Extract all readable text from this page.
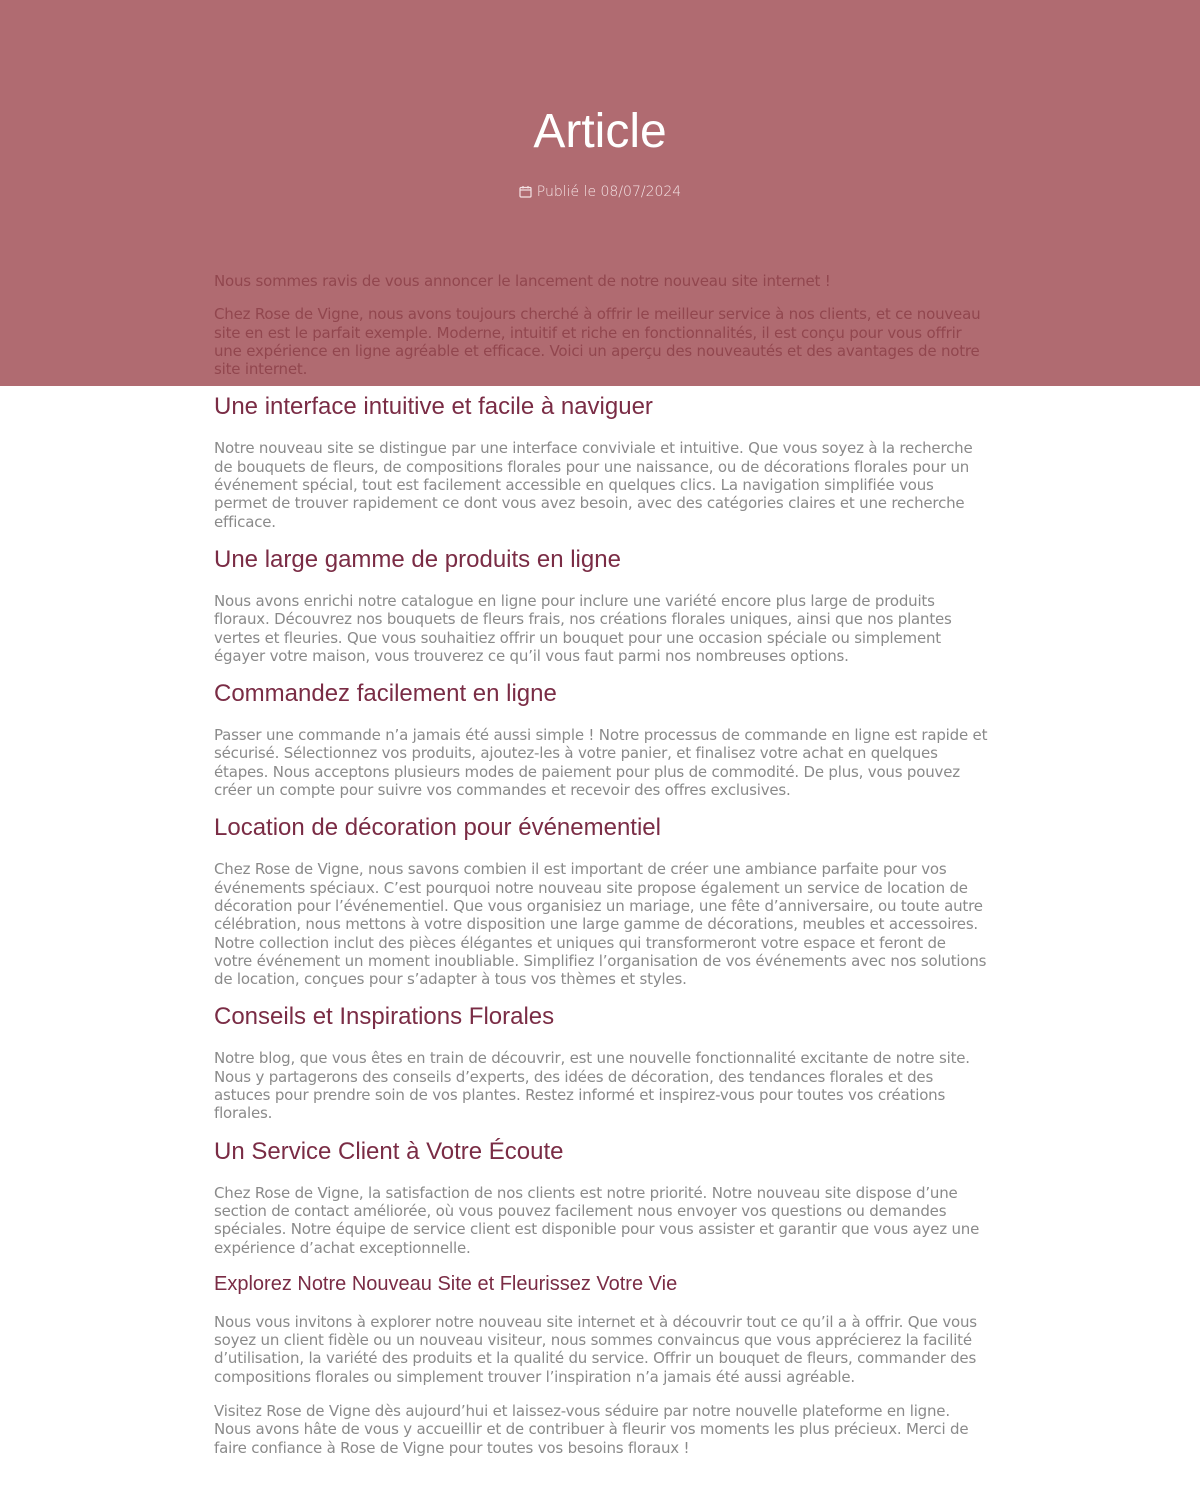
Article
Publié le 08/07/2024

Nous sommes ravis de vous annoncer le lancement de notre nouveau site internet !

Chez Rose de Vigne, nous avons toujours cherché à offrir le meilleur service à nos clients, et ce nouveau site en est le parfait exemple. Moderne, intuitif et riche en fonctionnalités, il est conçu pour vous offrir une expérience en ligne agréable et efficace. Voici un aperçu des nouveautés et des avantages de notre site internet.

Une interface intuitive et facile à naviguer

Notre nouveau site se distingue par une interface conviviale et intuitive. Que vous soyez à la recherche de bouquets de fleurs, de compositions florales pour une naissance, ou de décorations florales pour un événement spécial, tout est facilement accessible en quelques clics. La navigation simplifiée vous permet de trouver rapidement ce dont vous avez besoin, avec des catégories claires et une recherche efficace.

Une large gamme de produits en ligne

Nous avons enrichi notre catalogue en ligne pour inclure une variété encore plus large de produits floraux. Découvrez nos bouquets de fleurs frais, nos créations florales uniques, ainsi que nos plantes vertes et fleuries. Que vous souhaitiez offrir un bouquet pour une occasion spéciale ou simplement égayer votre maison, vous trouverez ce qu’il vous faut parmi nos nombreuses options.

Commandez facilement en ligne

Passer une commande n’a jamais été aussi simple ! Notre processus de commande en ligne est rapide et sécurisé. Sélectionnez vos produits, ajoutez-les à votre panier, et finalisez votre achat en quelques étapes. Nous acceptons plusieurs modes de paiement pour plus de commodité. De plus, vous pouvez créer un compte pour suivre vos commandes et recevoir des offres exclusives.

Location de décoration pour événementiel

Chez Rose de Vigne, nous savons combien il est important de créer une ambiance parfaite pour vos événements spéciaux. C’est pourquoi notre nouveau site propose également un service de location de décoration pour l’événementiel. Que vous organisiez un mariage, une fête d’anniversaire, ou toute autre célébration, nous mettons à votre disposition une large gamme de décorations, meubles et accessoires. Notre collection inclut des pièces élégantes et uniques qui transformeront votre espace et feront de votre événement un moment inoubliable. Simplifiez l’organisation de vos événements avec nos solutions de location, conçues pour s’adapter à tous vos thèmes et styles.

Conseils et Inspirations Florales

Notre blog, que vous êtes en train de découvrir, est une nouvelle fonctionnalité excitante de notre site. Nous y partagerons des conseils d’experts, des idées de décoration, des tendances florales et des astuces pour prendre soin de vos plantes. Restez informé et inspirez-vous pour toutes vos créations florales.

Un Service Client à Votre Écoute

Chez Rose de Vigne, la satisfaction de nos clients est notre priorité. Notre nouveau site dispose d’une section de contact améliorée, où vous pouvez facilement nous envoyer vos questions ou demandes spéciales. Notre équipe de service client est disponible pour vous assister et garantir que vous ayez une expérience d’achat exceptionnelle.

Explorez Notre Nouveau Site et Fleurissez Votre Vie

Nous vous invitons à explorer notre nouveau site internet et à découvrir tout ce qu’il a à offrir. Que vous soyez un client fidèle ou un nouveau visiteur, nous sommes convaincus que vous apprécierez la facilité d’utilisation, la variété des produits et la qualité du service. Offrir un bouquet de fleurs, commander des compositions florales ou simplement trouver l’inspiration n’a jamais été aussi agréable.

Visitez Rose de Vigne dès aujourd’hui et laissez-vous séduire par notre nouvelle plateforme en ligne. Nous avons hâte de vous y accueillir et de contribuer à fleurir vos moments les plus précieux. Merci de faire confiance à Rose de Vigne pour toutes vos besoins floraux !
